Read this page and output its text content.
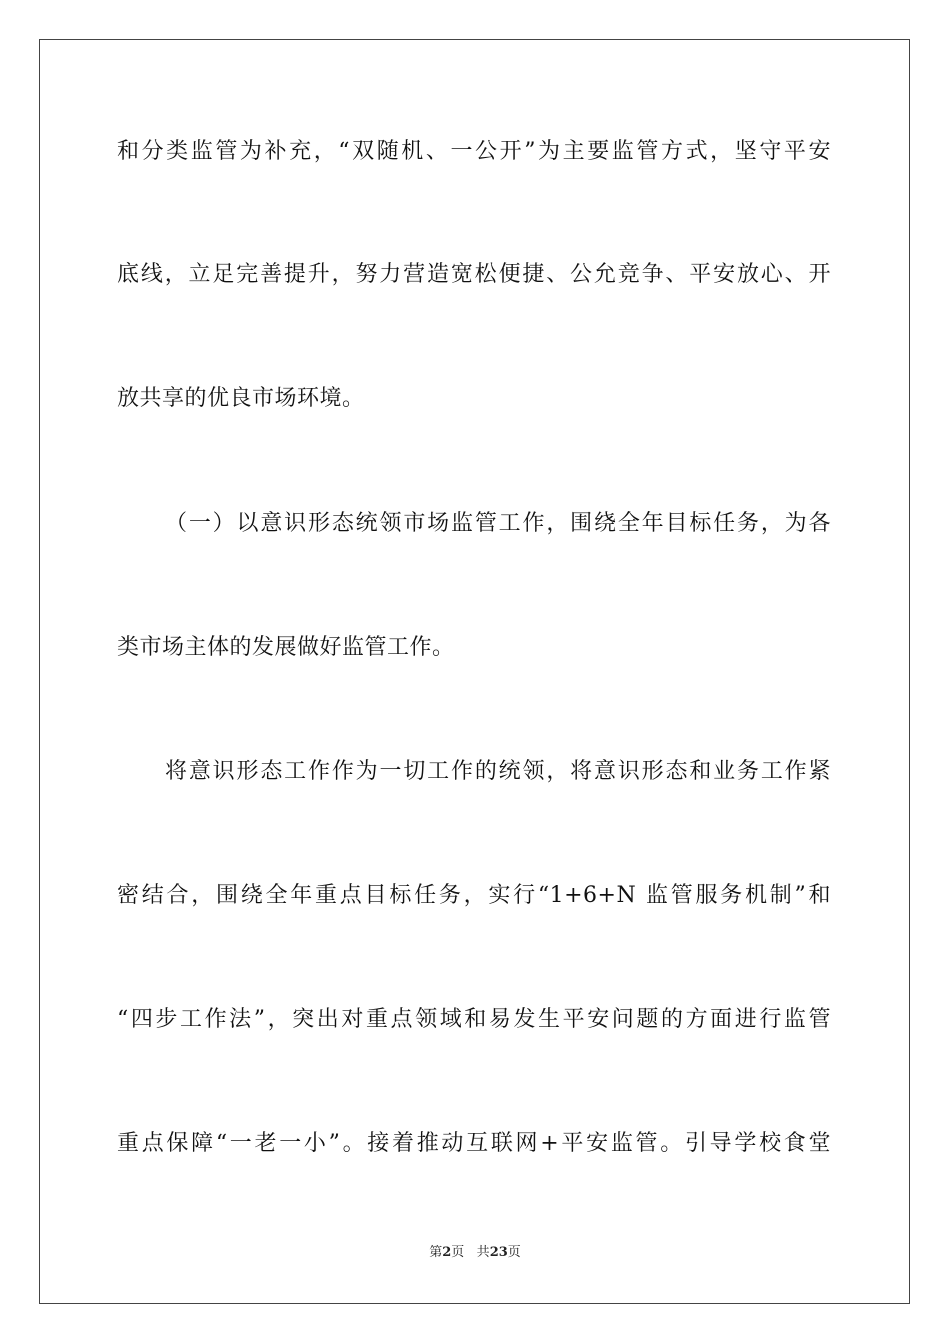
和分类监管为补充，“双随机、一公开”为主要监管方式，坚守平安
底线，立足完善提升，努力营造宽松便捷、公允竞争、平安放心、开
放共享的优良市场环境。
（一）以意识形态统领市场监管工作，围绕全年目标任务，为各
类市场主体的发展做好监管工作。
将意识形态工作作为一切工作的统领，将意识形态和业务工作紧
密结合，围绕全年重点目标任务，实行“1+6+N 监管服务机制”和
“四步工作法”，突出对重点领域和易发生平安问题的方面进行监管
重点保障“一老一小”。接着推动互联网+平安监管。引导学校食堂
第2页 共23页
